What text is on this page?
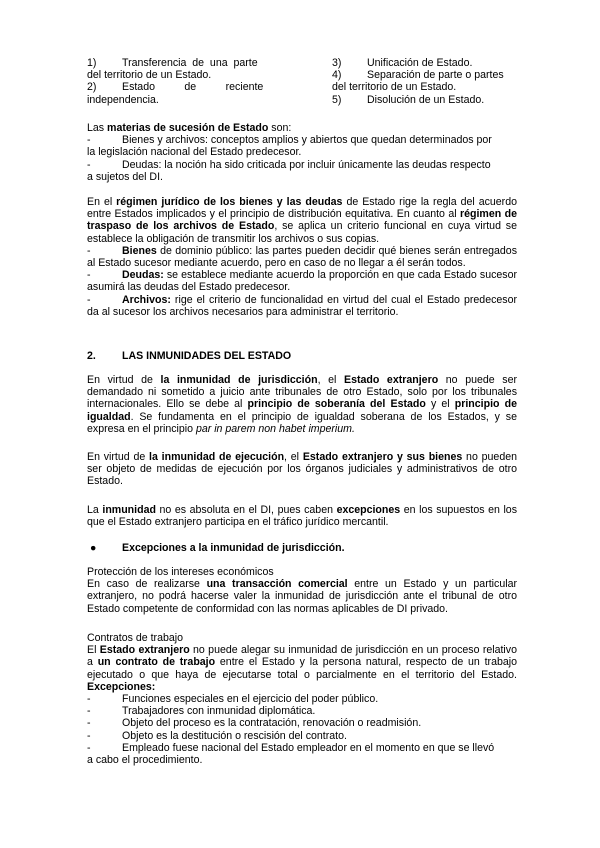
1)	Transferencia  de  una  parte
del territorio de un Estado.
2)	Estado          de          reciente
independencia.
3)	Unificación de Estado.
4)	Separación de parte o partes
del territorio de un Estado.
5)	Disolución de un Estado.

Las materias de sucesión de Estado son:

-	Bienes y archivos: conceptos amplios y abiertos que quedan determinados por
la legislación nacional del Estado predecesor.
-	Deudas: la noción ha sido criticada por incluir únicamente las deudas respecto
a sujetos del DI.

En el régimen jurídico de los bienes y las deudas de Estado rige la regla del acuerdo entre Estados implicados y el principio de distribución equitativa. En cuanto al régimen de traspaso de los archivos de Estado, se aplica un criterio funcional en cuya virtud se establece la obligación de transmitir los archivos o sus copias.

-	Bienes de dominio público: las partes pueden decidir qué bienes serán entregados al Estado sucesor mediante acuerdo, pero en caso de no llegar a él serán todos.

-	Deudas: se establece mediante acuerdo la proporción en que cada Estado sucesor asumirá las deudas del Estado predecesor.

-	Archivos: rige el criterio de funcionalidad en virtud del cual el Estado predecesor da al sucesor los archivos necesarios para administrar el territorio.

2.	LAS INMUNIDADES DEL ESTADO

En virtud de la inmunidad de jurisdicción, el Estado extranjero no puede ser demandado ni sometido a juicio ante tribunales de otro Estado, solo por los tribunales internacionales. Ello se debe al principio de soberanía del Estado y el principio de igualdad. Se fundamenta en el principio de igualdad soberana de los Estados, y se expresa en el principio par in parem non habet imperium.

En virtud de la inmunidad de ejecución, el Estado extranjero y sus bienes no pueden ser objeto de medidas de ejecución por los órganos judiciales y administrativos de otro Estado.

La inmunidad no es absoluta en el DI, pues caben excepciones en los supuestos en los que el Estado extranjero participa en el tráfico jurídico mercantil.

●	Excepciones a la inmunidad de jurisdicción.
Protección de los intereses económicos

En caso de realizarse una transacción comercial entre un Estado y un particular extranjero, no podrá hacerse valer la inmunidad de jurisdicción ante el tribunal de otro Estado competente de conformidad con las normas aplicables de DI privado.

Contratos de trabajo

El Estado extranjero no puede alegar su inmunidad de jurisdicción en un proceso relativo a un contrato de trabajo entre el Estado y la persona natural, respecto de un trabajo ejecutado o que haya de ejecutarse total o parcialmente en el territorio del Estado. Excepciones:

-	Funciones especiales en el ejercicio del poder público.
-	Trabajadores con inmunidad diplomática.
-	Objeto del proceso es la contratación, renovación o readmisión.
-	Objeto es la destitución o rescisión del contrato.
-	Empleado fuese nacional del Estado empleador en el momento en que se llevó
a cabo el procedimiento.
